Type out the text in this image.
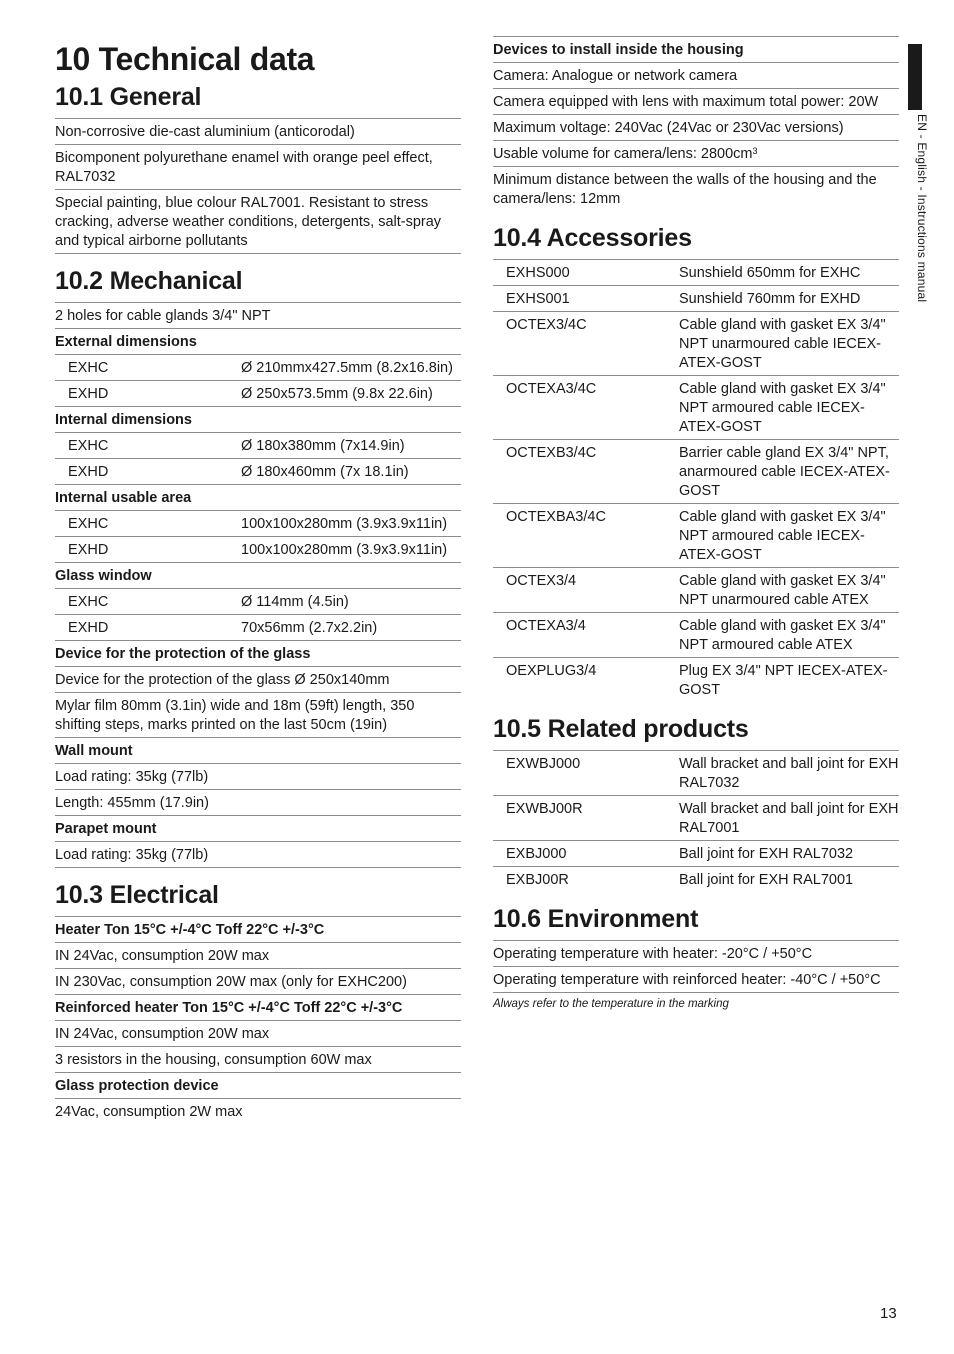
EN - English - Instructions manual
10 Technical data
10.1 General
Non-corrosive die-cast aluminium (anticorodal)
Bicomponent polyurethane enamel with orange peel effect, RAL7032
Special painting, blue colour RAL7001. Resistant to stress cracking, adverse weather conditions, detergents, salt-spray and typical airborne pollutants
10.2 Mechanical
2 holes for cable glands 3/4" NPT
External dimensions
EXHC	Ø 210mmx427.5mm (8.2x16.8in)
EXHD	Ø 250x573.5mm (9.8x 22.6in)
Internal dimensions
EXHC	Ø 180x380mm (7x14.9in)
EXHD	Ø 180x460mm (7x 18.1in)
Internal usable area
EXHC	100x100x280mm (3.9x3.9x11in)
EXHD	100x100x280mm (3.9x3.9x11in)
Glass window
EXHC	Ø 114mm (4.5in)
EXHD	70x56mm (2.7x2.2in)
Device for the protection of the glass
Device for the protection of the glass Ø 250x140mm
Mylar film 80mm (3.1in) wide and 18m (59ft) length, 350 shifting steps, marks printed on the last 50cm (19in)
Wall mount
Load rating: 35kg (77lb)
Length: 455mm (17.9in)
Parapet mount
Load rating: 35kg (77lb)
10.3 Electrical
Heater Ton 15°C +/-4°C Toff 22°C +/-3°C
IN 24Vac, consumption 20W max
IN 230Vac, consumption 20W max (only for EXHC200)
Reinforced heater Ton 15°C +/-4°C Toff 22°C +/-3°C
IN 24Vac, consumption 20W max
3 resistors in the housing, consumption 60W max
Glass protection device
24Vac, consumption 2W max
Devices to install inside the housing
Camera: Analogue or network camera
Camera equipped with lens with maximum total power: 20W
Maximum voltage: 240Vac (24Vac or 230Vac versions)
Usable volume for camera/lens: $2800cm^3$
Minimum distance between the walls of the housing and the camera/lens: 12mm
10.4 Accessories
EXHS000	Sunshield 650mm for EXHC
EXHS001	Sunshield 760mm for EXHD
OCTEX3/4C	Cable gland with gasket EX 3/4" NPT unarmoured cable IECEX-ATEX-GOST
OCTEXA3/4C	Cable gland with gasket EX 3/4" NPT armoured cable IECEX-ATEX-GOST
OCTEXB3/4C	Barrier cable gland EX 3/4" NPT, anarmoured cable IECEX-ATEX-GOST
OCTEXBA3/4C	Cable gland with gasket EX 3/4" NPT armoured cable IECEX-ATEX-GOST
OCTEX3/4	Cable gland with gasket EX 3/4" NPT unarmoured cable ATEX
OCTEXA3/4	Cable gland with gasket EX 3/4" NPT armoured cable ATEX
OEXPLUG3/4	Plug EX 3/4" NPT IECEX-ATEX-GOST
10.5 Related products
EXWBJ000	Wall bracket and ball joint for EXH RAL7032
EXWBJ00R	Wall bracket and ball joint for EXH RAL7001
EXBJ000	Ball joint for EXH RAL7032
EXBJ00R	Ball joint for EXH RAL7001
10.6 Environment
Operating temperature with heater: -20°C / +50°C
Operating temperature with reinforced heater: -40°C / +50°C
Always refer to the temperature in the marking
13
